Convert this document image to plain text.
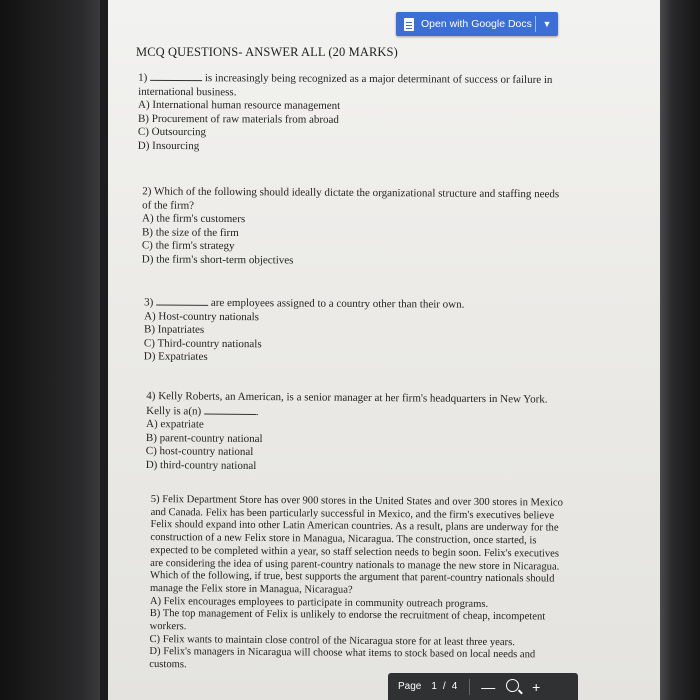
Open with Google Docs	▼
MCQ QUESTIONS- ANSWER ALL (20 MARKS)

1)	is increasingly being recognized as a major determinant of success or failure in

international business.

A) International human resource management

B) Procurement of raw materials from abroad

C) Outsourcing

D) Insourcing

2) Which of the following should ideally dictate the organizational structure and staffing needs

of the firm?

A) the firm's customers

B) the size of the firm

C) the firm's strategy

D) the firm's short-term objectives

3)	are employees assigned to a country other than their own.

A) Host-country nationals

B) Inpatriates

C) Third-country nationals

D) Expatriates

4) Kelly Roberts, an American, is a senior manager at her firm's headquarters in New York.

Kelly is a(n)	.

A) expatriate

B) parent-country national

C) host-country national

D) third-country national

5) Felix Department Store has over 900 stores in the United States and over 300 stores in Mexico

and Canada. Felix has been particularly successful in Mexico, and the firm's executives believe

Felix should expand into other Latin American countries. As a result, plans are underway for the

construction of a new Felix store in Managua, Nicaragua. The construction, once started, is

expected to be completed within a year, so staff selection needs to begin soon. Felix's executives

are considering the idea of using parent-country nationals to manage the new store in Nicaragua.

Which of the following, if true, best supports the argument that parent-country nationals should

manage the Felix store in Managua, Nicaragua?

A) Felix encourages employees to participate in community outreach programs.

B) The top management of Felix is unlikely to endorse the recruitment of cheap, incompetent

workers.

C) Felix wants to maintain close control of the Nicaragua store for at least three years.

D) Felix's managers in Nicaragua will choose what items to stock based on local needs and

customs.

Page	1 / 4	—	+
